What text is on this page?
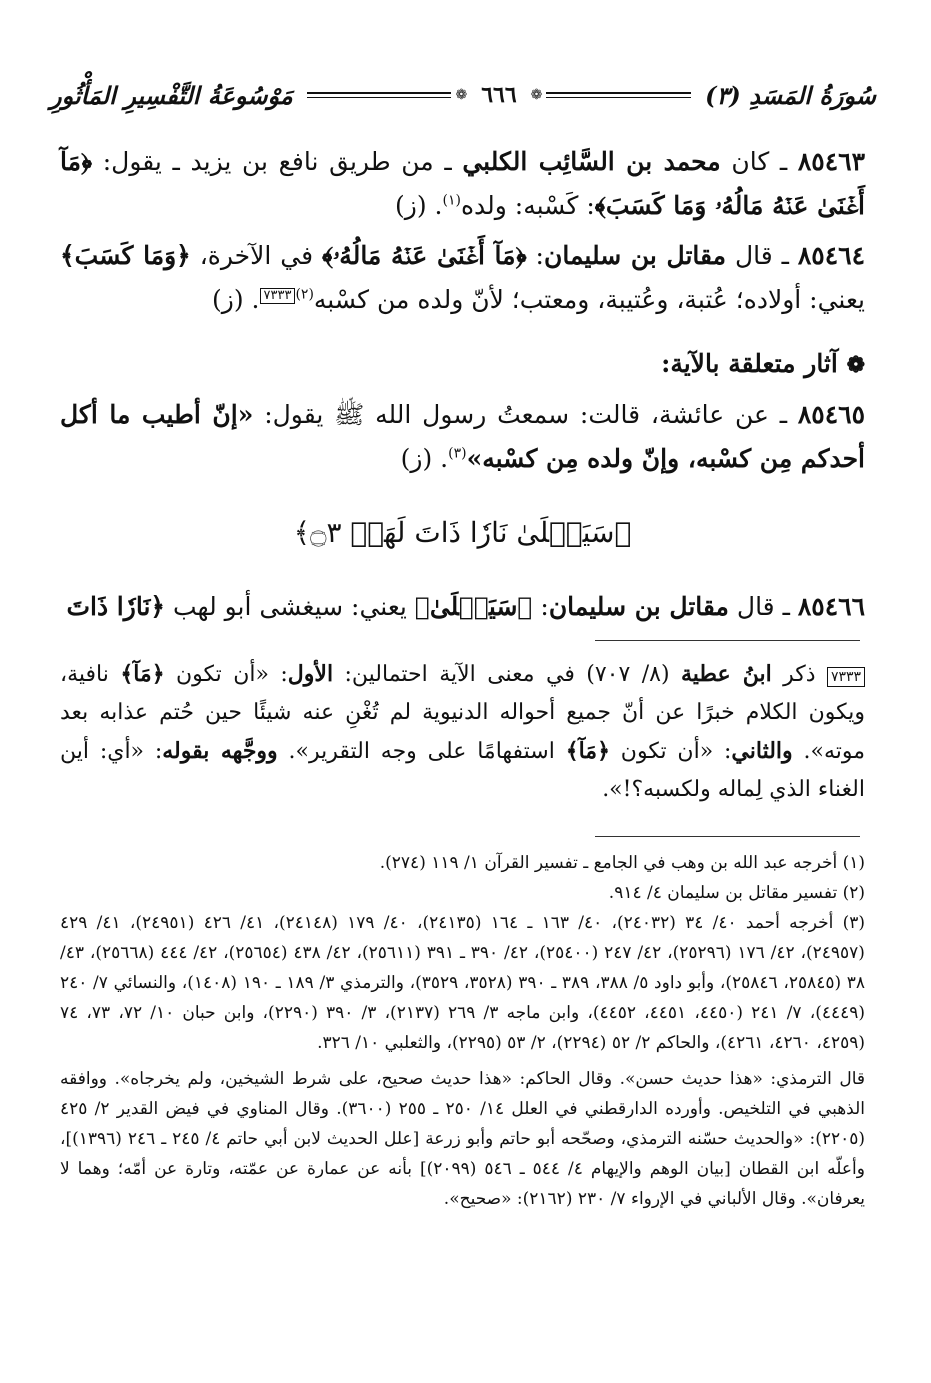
سُورَةُ المَسَدِ (٣)
❁
٦٦٦
❁
مَوْسُوعَةُ التَّفْسِيرِ المَأْثُورِ

٨٥٤٦٣ ـ كان محمد بن السَّائِب الكلبي ـ من طريق نافع بن يزيد ـ يقول: ﴿مَآ أَغۡنَىٰ عَنۡهُ مَالُهُۥ وَمَا كَسَبَ﴾: كَسْبه: ولده$^{(١)}$. (ز)

٨٥٤٦٤ ـ قال مقاتل بن سليمان: ﴿مَآ أَغۡنَىٰ عَنۡهُ مَالُهُۥ﴾ في الآخرة، ﴿وَمَا كَسَبَ﴾ يعني: أولاده؛ عُتبة، وعُتيبة، ومعتب؛ لأنّ ولده من كسْبه$^{(٢)}$٧٣٣٣. (ز)

❁ آثار متعلقة بالآية:

٨٥٤٦٥ ـ عن عائشة، قالت: سمعتُ رسول الله ﷺ يقول: «إنّ أطيب ما أكل أحدكم مِن كسْبه، وإنّ ولده مِن كسْبه»$^{(٣)}$. (ز)

﴿سَيَصۡلَىٰ نَارٗا ذَاتَ لَهَبٖ ۝٣﴾

٨٥٤٦٦ ـ قال مقاتل بن سليمان: ﴿سَيَصۡلَىٰ﴾ يعني: سيغشى أبو لهب ﴿نَارٗا ذَاتَ

٧٣٣٣ ذكر ابنُ عطية (٨/ ٧٠٧) في معنى الآية احتمالين: الأول: «أن تكون ﴿مَآ﴾ نافية، ويكون الكلام خبرًا عن أنّ جميع أحواله الدنيوية لم تُغْنِ عنه شيئًا حين حُتم عذابه بعد موته». والثاني: «أن تكون ﴿مَآ﴾ استفهامًا على وجه التقرير». ووجَّهه بقوله: «أي: أين الغناء الذي لِماله ولكسبه؟!».

(١) أخرجه عبد الله بن وهب في الجامع ـ تفسير القرآن ١/ ١١٩ (٢٧٤).

(٢) تفسير مقاتل بن سليمان ٤/ ٩١٤.

(٣) أخرجه أحمد ٤٠/ ٣٤ (٢٤٠٣٢)، ٤٠/ ١٦٣ ـ ١٦٤ (٢٤١٣٥)، ٤٠/ ١٧٩ (٢٤١٤٨)، ٤١/ ٤٢٦ (٢٤٩٥١)، ٤١/ ٤٢٩ (٢٤٩٥٧)، ٤٢/ ١٧٦ (٢٥٢٩٦)، ٤٢/ ٢٤٧ (٢٥٤٠٠)، ٤٢/ ٣٩٠ ـ ٣٩١ (٢٥٦١١)، ٤٢/ ٤٣٨ (٢٥٦٥٤)، ٤٢/ ٤٤٤ (٢٥٦٦٨)، ٤٣/ ٣٨ (٢٥٨٤٥، ٢٥٨٤٦)، وأبو داود ٥/ ٣٨٨، ٣٨٩ ـ ٣٩٠ (٣٥٢٨، ٣٥٢٩)، والترمذي ٣/ ١٨٩ ـ ١٩٠ (١٤٠٨)، والنسائي ٧/ ٢٤٠ (٤٤٤٩)، ٧/ ٢٤١ (٤٤٥٠، ٤٤٥١، ٤٤٥٢)، وابن ماجه ٣/ ٢٦٩ (٢١٣٧)، ٣/ ٣٩٠ (٢٢٩٠)، وابن حبان ١٠/ ٧٢، ٧٣، ٧٤ (٤٢٥٩، ٤٢٦٠، ٤٢٦١)، والحاكم ٢/ ٥٢ (٢٢٩٤)، ٢/ ٥٣ (٢٢٩٥)، والثعلبي ١٠/ ٣٢٦.

قال الترمذي: «هذا حديث حسن». وقال الحاكم: «هذا حديث صحيح، على شرط الشيخين، ولم يخرجاه». ووافقه الذهبي في التلخيص. وأورده الدارقطني في العلل ١٤/ ٢٥٠ ـ ٢٥٥ (٣٦٠٠). وقال المناوي في فيض القدير ٢/ ٤٢٥ (٢٢٠٥): «والحديث حسّنه الترمذي، وصحّحه أبو حاتم وأبو زرعة [علل الحديث لابن أبي حاتم ٤/ ٢٤٥ ـ ٢٤٦ (١٣٩٦)]، وأعلّه ابن القطان [بيان الوهم والإيهام ٤/ ٥٤٤ ـ ٥٤٦ (٢٠٩٩)] بأنه عن عمارة عن عمّته، وتارة عن أمّه؛ وهما لا يعرفان». وقال الألباني في الإرواء ٧/ ٢٣٠ (٢١٦٢): «صحيح».
